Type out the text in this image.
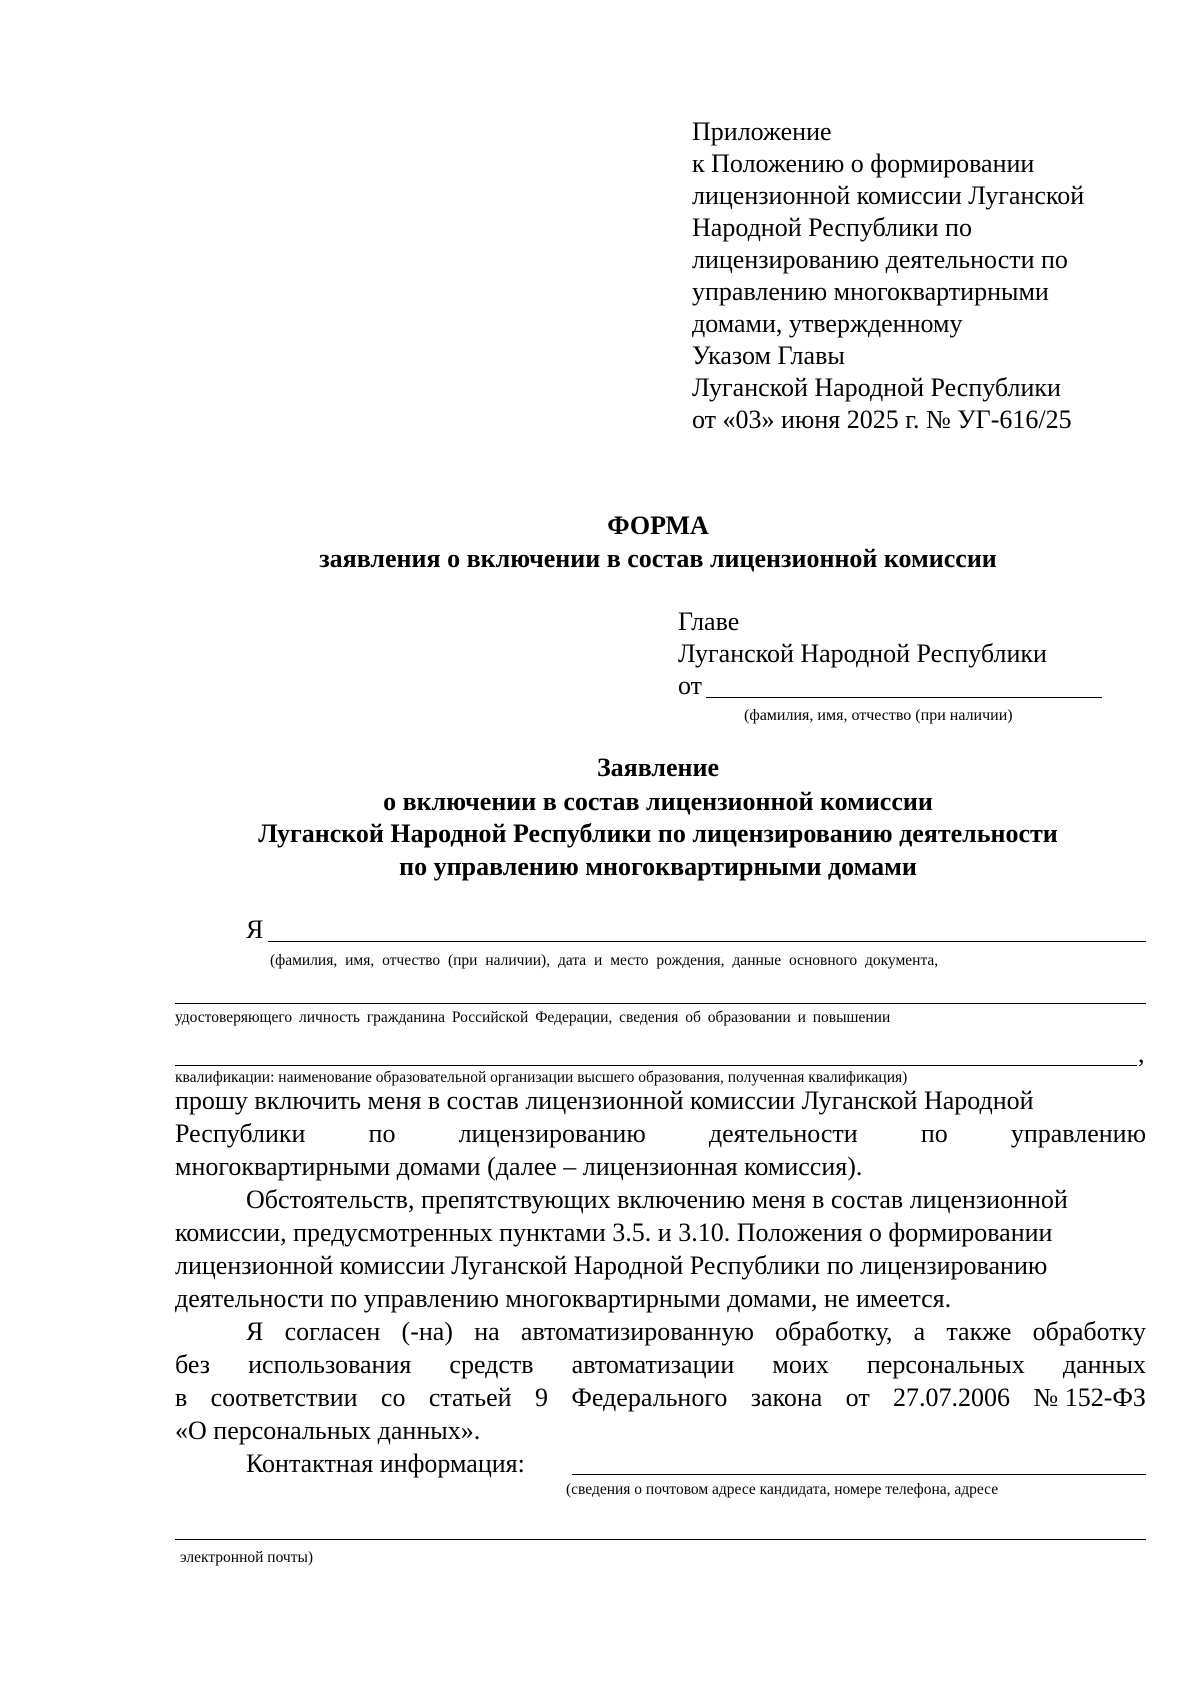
Приложение
к Положению о формировании
лицензионной комиссии Луганской
Народной Республики по
лицензированию деятельности по
управлению многоквартирными
домами, утвержденному
Указом Главы
Луганской Народной Республики
от «03» июня 2025 г. № УГ-616/25
ФОРМА
заявления о включении в состав лицензионной комиссии
Главе
Луганской Народной Республики
от
(фамилия, имя, отчество (при наличии)
Заявление
о включении в состав лицензионной комиссии
Луганской Народной Республики по лицензированию деятельности
по управлению многоквартирными домами
Я
(фамилия, имя, отчество (при наличии), дата и место рождения, данные основного документа,
удостоверяющего личность гражданина Российской Федерации, сведения об образовании и повышении
,
квалификации: наименование образовательной организации высшего образования, полученная квалификация)
прошу включить меня в состав лицензионной комиссии Луганской Народной
Республики по лицензированию деятельности по управлению
многоквартирными домами (далее – лицензионная комиссия).
Обстоятельств, препятствующих включению меня в состав лицензионной
комиссии, предусмотренных пунктами 3.5. и 3.10. Положения о формировании
лицензионной комиссии Луганской Народной Республики по лицензированию
деятельности по управлению многоквартирными домами, не имеется.
Я согласен (-на) на автоматизированную обработку, а также обработку
без использования средств автоматизации моих персональных данных
в соответствии со статьей 9 Федерального закона от 27.07.2006 № 152-ФЗ
«О персональных данных».
Контактная информация:
(сведения о почтовом адресе кандидата, номере телефона, адресе
электронной почты)
